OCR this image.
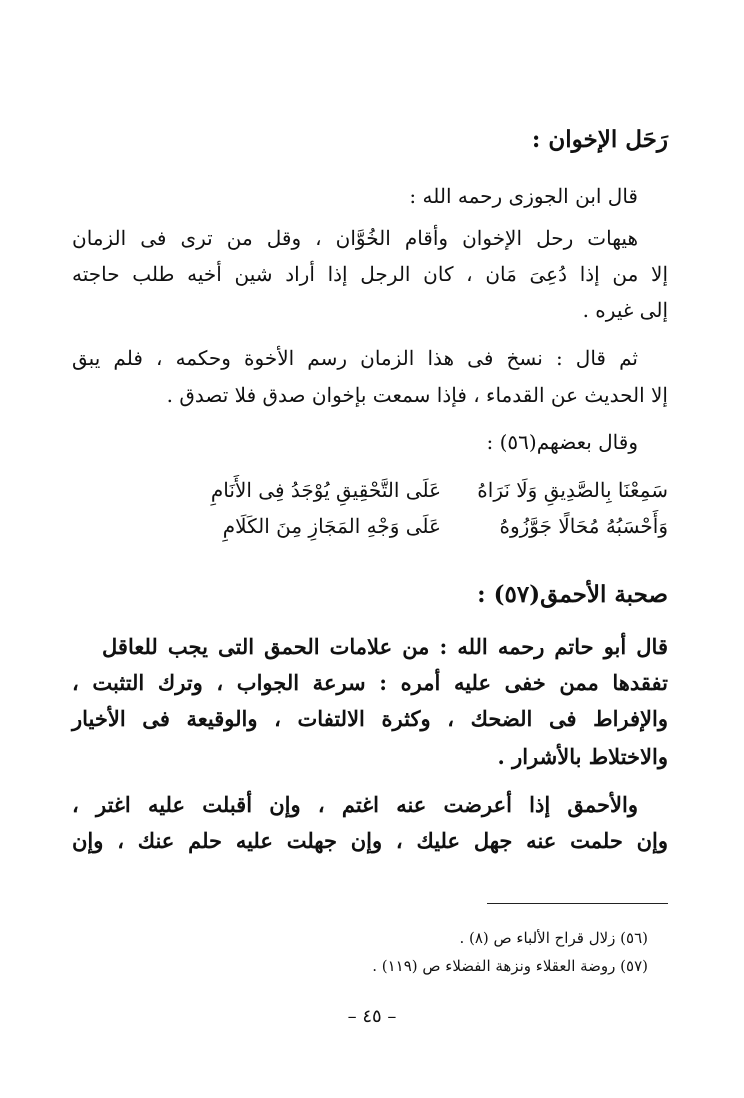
رَحَل الإخوان :
قال ابن الجوزى رحمه الله :
هيهات رحل الإخوان وأقام الخُوَّان ، وقل من ترى فى الزمان
إلا من إذا دُعِىَ مَان ، كان الرجل إذا أراد شين أخيه طلب حاجته
إلى غيره .
ثم قال : نسخ فى هذا الزمان رسم الأخوة وحكمه ، فلم يبق
إلا الحديث عن القدماء ، فإذا سمعت بإخوان صدق فلا تصدق .
وقال بعضهم(٥٦) :
سَمِعْنَا بِالصَّدِيقِ وَلَا نَرَاهُ
عَلَى التَّحْقِيقِ يُوْجَدُ فِى الأَنَامِ
وَأَحْسَبُهُ مُحَالًا جَوَّزُوهُ
عَلَى وَجْهِ المَجَازِ مِنَ الكَلَامِ
صحبة الأحمق(٥٧) :
قال أبو حاتم رحمه الله : من علامات الحمق التى يجب للعاقل
تفقدها ممن خفى عليه أمره : سرعة الجواب ، وترك التثبت ،
والإفراط فى الضحك ، وكثرة الالتفات ، والوقيعة فى الأخيار
والاختلاط بالأشرار .
والأحمق إذا أعرضت عنه اغتم ، وإن أقبلت عليه اغتر ،
وإن حلمت عنه جهل عليك ، وإن جهلت عليه حلم عنك ، وإن
(٥٦) زلال قراح الألباء ص (٨) .
(٥٧) روضة العقلاء ونزهة الفضلاء ص (١١٩) .
– ٤٥ –
